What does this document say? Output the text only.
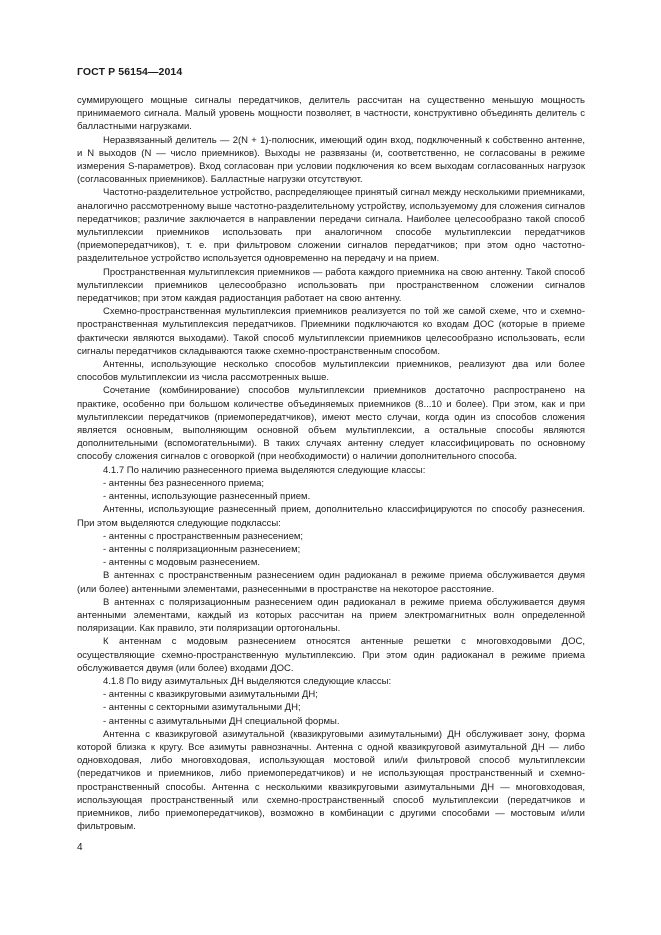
ГОСТ Р 56154—2014

суммирующего мощные сигналы передатчиков, делитель рассчитан на существенно меньшую мощность принимаемого сигнала. Малый уровень мощности позволяет, в частности, конструктивно объединять делитель с балластными нагрузками.

Неразвязанный делитель — 2(N + 1)-полюсник, имеющий один вход, подключенный к собственно антенне, и N выходов (N — число приемников). Выходы не развязаны (и, соответственно, не согласованы в режиме измерения S-параметров). Вход согласован при условии подключения ко всем выходам согласованных нагрузок (согласованных приемников). Балластные нагрузки отсутствуют.

Частотно-разделительное устройство, распределяющее принятый сигнал между несколькими приемниками, аналогично рассмотренному выше частотно-разделительному устройству, используемому для сложения сигналов передатчиков; различие заключается в направлении передачи сигнала. Наиболее целесообразно такой способ мультиплексии приемников использовать при аналогичном способе мультиплексии передатчиков (приемопередатчиков), т. е. при фильтровом сложении сигналов передатчиков; при этом одно частотно-разделительное устройство используется одновременно на передачу и на прием.

Пространственная мультиплексия приемников — работа каждого приемника на свою антенну. Такой способ мультиплексии приемников целесообразно использовать при пространственном сложении сигналов передатчиков; при этом каждая радиостанция работает на свою антенну.

Схемно-пространственная мультиплексия приемников реализуется по той же самой схеме, что и схемно-пространственная мультиплексия передатчиков. Приемники подключаются ко входам ДОС (которые в приеме фактически являются выходами). Такой способ мультиплексии приемников целесообразно использовать, если сигналы передатчиков складываются также схемно-пространственным способом.

Антенны, использующие несколько способов мультиплексии приемников, реализуют два или более способов мультиплексии из числа рассмотренных выше.

Сочетание (комбинирование) способов мультиплексии приемников достаточно распространено на практике, особенно при большом количестве объединяемых приемников (8...10 и более). При этом, как и при мультиплексии передатчиков (приемопередатчиков), имеют место случаи, когда один из способов сложения является основным, выполняющим основной объем мультиплексии, а остальные способы являются дополнительными (вспомогательными). В таких случаях антенну следует классифицировать по основному способу сложения сигналов с оговоркой (при необходимости) о наличии дополнительного способа.

4.1.7 По наличию разнесенного приема выделяются следующие классы:

- антенны без разнесенного приема;

- антенны, использующие разнесенный прием.

Антенны, использующие разнесенный прием, дополнительно классифицируются по способу разнесения. При этом выделяются следующие подклассы:

- антенны с пространственным разнесением;

- антенны с поляризационным разнесением;

- антенны с модовым разнесением.

В антеннах с пространственным разнесением один радиоканал в режиме приема обслуживается двумя (или более) антенными элементами, разнесенными в пространстве на некоторое расстояние.

В антеннах с поляризационным разнесением один радиоканал в режиме приема обслуживается двумя антенными элементами, каждый из которых рассчитан на прием электромагнитных волн определенной поляризации. Как правило, эти поляризации ортогональны.

К антеннам с модовым разнесением относятся антенные решетки с многовходовыми ДОС, осуществляющие схемно-пространственную мультиплексию. При этом один радиоканал в режиме приема обслуживается двумя (или более) входами ДОС.

4.1.8 По виду азимутальных ДН выделяются следующие классы:

- антенны с квазикруговыми азимутальными ДН;

- антенны с секторными азимутальными ДН;

- антенны с азимутальными ДН специальной формы.

Антенна с квазикруговой азимутальной (квазикруговыми азимутальными) ДН обслуживает зону, форма которой близка к кругу. Все азимуты равнозначны. Антенна с одной квазикруговой азимутальной ДН — либо одновходовая, либо многовходовая, использующая мостовой или/и фильтровой способ мультиплексии (передатчиков и приемников, либо приемопередатчиков) и не использующая пространственный и схемно-пространственный способы. Антенна с несколькими квазикруговыми азимутальными ДН — многовходовая, использующая пространственный или схемно-пространственный способ мультиплексии (передатчиков и приемников, либо приемопередатчиков), возможно в комбинации с другими способами — мостовым и/или фильтровым.

4
